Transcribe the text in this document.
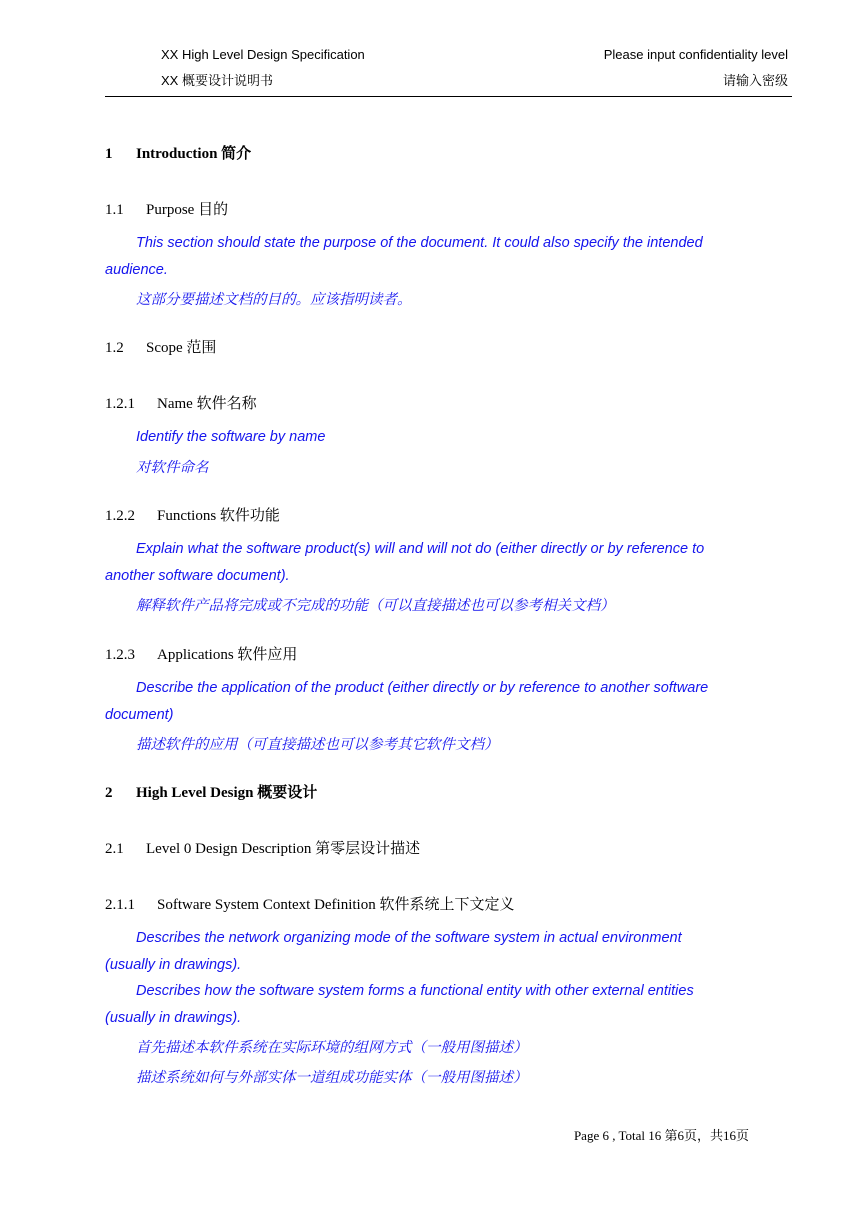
XX High Level Design Specification
XX 概要设计说明书
Please input confidentiality level
请输入密级
1 Introduction 简介
1.1 Purpose 目的
This section should state the purpose of the document. It could also specify the intended audience.
这部分要描述文档的目的。应该指明读者。
1.2 Scope 范围
1.2.1 Name 软件名称
Identify the software by name
对软件命名
1.2.2 Functions 软件功能
Explain what the software product(s) will and will not do (either directly or by reference to another software document).
解释软件产品将完成或不完成的功能（可以直接描述也可以参考相关文档）
1.2.3 Applications 软件应用
Describe the application of the product (either directly or by reference to another software document)
描述软件的应用（可直接描述也可以参考其它软件文档）
2 High Level Design 概要设计
2.1 Level 0 Design Description 第零层设计描述
2.1.1 Software System Context Definition 软件系统上下文定义
Describes the network organizing mode of the software system in actual environment (usually in drawings).
Describes how the software system forms a functional entity with other external entities (usually in drawings).
首先描述本软件系统在实际环境的组网方式（一般用图描述）
描述系统如何与外部实体一道组成功能实体（一般用图描述）
Page 6 , Total 16 第6页，共16页
